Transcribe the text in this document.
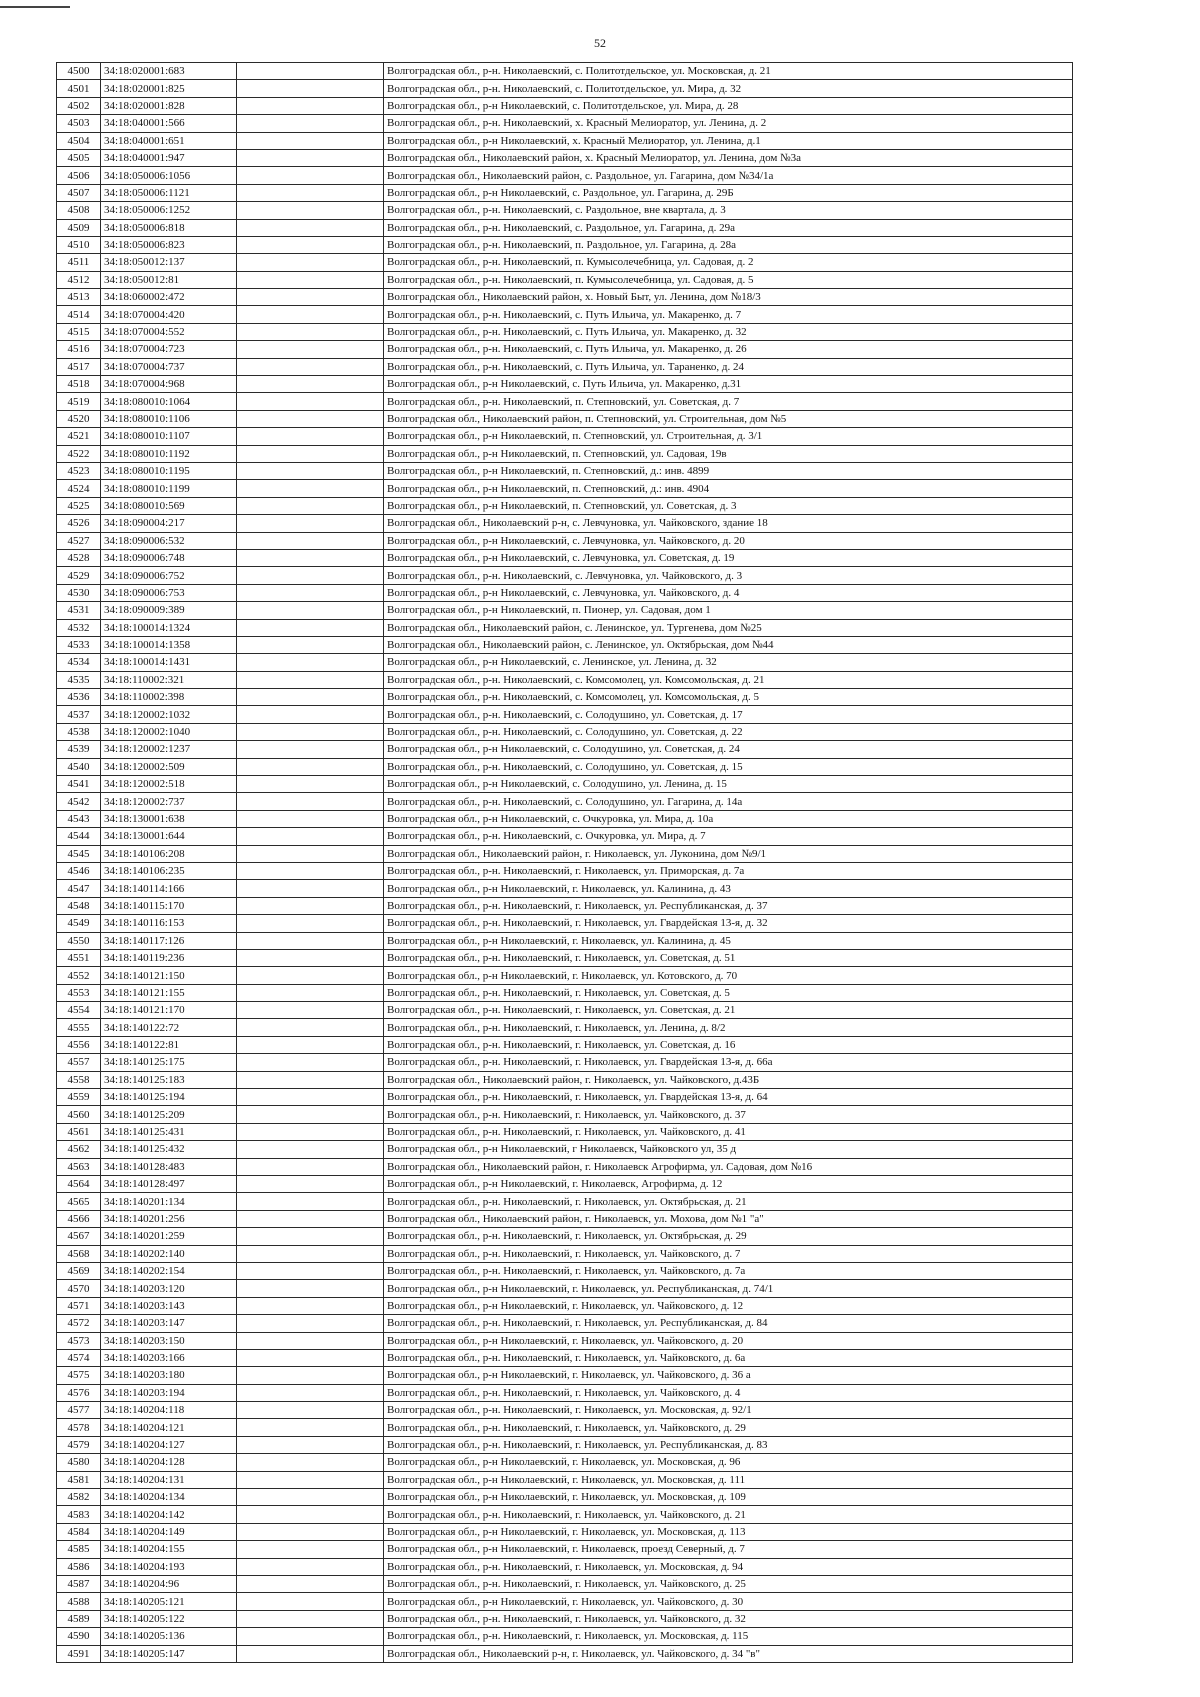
52
4500	34:18:020001:683		Волгоградская обл., р-н. Николаевский, с. Политотдельское, ул. Московская, д. 21
4501	34:18:020001:825		Волгоградская обл., р-н. Николаевский, с. Политотдельское, ул. Мира, д. 32
4502	34:18:020001:828		Волгоградская обл., р-н Николаевский, с. Политотдельское, ул. Мира, д. 28
4503	34:18:040001:566		Волгоградская обл., р-н. Николаевский, х. Красный Мелиоратор, ул. Ленина, д. 2
4504	34:18:040001:651		Волгоградская обл., р-н Николаевский, х. Красный Мелиоратор, ул. Ленина, д.1
4505	34:18:040001:947		Волгоградская обл., Николаевский район, х. Красный Мелиоратор, ул. Ленина, дом №3а
4506	34:18:050006:1056		Волгоградская обл., Николаевский район, с. Раздольное, ул. Гагарина, дом №34/1а
4507	34:18:050006:1121		Волгоградская обл., р-н Николаевский, с. Раздольное, ул. Гагарина, д. 29Б
4508	34:18:050006:1252		Волгоградская обл., р-н. Николаевский, с. Раздольное, вне квартала, д. 3
4509	34:18:050006:818		Волгоградская обл., р-н. Николаевский, с. Раздольное, ул. Гагарина, д. 29а
4510	34:18:050006:823		Волгоградская обл., р-н. Николаевский, п. Раздольное, ул. Гагарина, д. 28а
4511	34:18:050012:137		Волгоградская обл., р-н. Николаевский, п. Кумысолечебница, ул. Садовая, д. 2
4512	34:18:050012:81		Волгоградская обл., р-н. Николаевский, п. Кумысолечебница, ул. Садовая, д. 5
4513	34:18:060002:472		Волгоградская обл., Николаевский район, х. Новый Быт, ул. Ленина, дом №18/3
4514	34:18:070004:420		Волгоградская обл., р-н. Николаевский, с. Путь Ильича, ул. Макаренко, д. 7
4515	34:18:070004:552		Волгоградская обл., р-н. Николаевский, с. Путь Ильича, ул. Макаренко, д. 32
4516	34:18:070004:723		Волгоградская обл., р-н. Николаевский, с. Путь Ильича, ул. Макаренко, д. 26
4517	34:18:070004:737		Волгоградская обл., р-н. Николаевский, с. Путь Ильича, ул. Тараненко, д. 24
4518	34:18:070004:968		Волгоградская обл., р-н Николаевский, с. Путь Ильича, ул. Макаренко, д.31
4519	34:18:080010:1064		Волгоградская обл., р-н. Николаевский, п. Степновский, ул. Советская, д. 7
4520	34:18:080010:1106		Волгоградская обл., Николаевский район, п. Степновский, ул. Строительная, дом №5
4521	34:18:080010:1107		Волгоградская обл., р-н Николаевский, п. Степновский, ул. Строительная, д. 3/1
4522	34:18:080010:1192		Волгоградская обл., р-н Николаевский, п. Степновский, ул. Садовая, 19в
4523	34:18:080010:1195		Волгоградская обл., р-н Николаевский, п. Степновский, д.: инв. 4899
4524	34:18:080010:1199		Волгоградская обл., р-н Николаевский, п. Степновский, д.: инв. 4904
4525	34:18:080010:569		Волгоградская обл., р-н Николаевский, п. Степновский, ул. Советская, д. 3
4526	34:18:090004:217		Волгоградская обл., Николаевский р-н, с. Левчуновка, ул. Чайковского, здание 18
4527	34:18:090006:532		Волгоградская обл., р-н Николаевский, с. Левчуновка, ул. Чайковского, д. 20
4528	34:18:090006:748		Волгоградская обл., р-н Николаевский, с. Левчуновка, ул. Советская, д. 19
4529	34:18:090006:752		Волгоградская обл., р-н. Николаевский, с. Левчуновка, ул. Чайковского, д. 3
4530	34:18:090006:753		Волгоградская обл., р-н Николаевский, с. Левчуновка, ул. Чайковского, д. 4
4531	34:18:090009:389		Волгоградская обл., р-н Николаевский, п. Пионер, ул. Садовая, дом 1
4532	34:18:100014:1324		Волгоградская обл., Николаевский район, с. Ленинское, ул. Тургенева, дом №25
4533	34:18:100014:1358		Волгоградская обл., Николаевский район, с. Ленинское, ул. Октябрьская, дом №44
4534	34:18:100014:1431		Волгоградская обл., р-н Николаевский, с. Ленинское, ул. Ленина, д. 32
4535	34:18:110002:321		Волгоградская обл., р-н. Николаевский, с. Комсомолец, ул. Комсомольская, д. 21
4536	34:18:110002:398		Волгоградская обл., р-н. Николаевский, с. Комсомолец, ул. Комсомольская, д. 5
4537	34:18:120002:1032		Волгоградская обл., р-н. Николаевский, с. Солодушино, ул. Советская, д. 17
4538	34:18:120002:1040		Волгоградская обл., р-н. Николаевский, с. Солодушино, ул. Советская, д. 22
4539	34:18:120002:1237		Волгоградская обл., р-н Николаевский, с. Солодушино, ул. Советская, д. 24
4540	34:18:120002:509		Волгоградская обл., р-н. Николаевский, с. Солодушино, ул. Советская, д. 15
4541	34:18:120002:518		Волгоградская обл., р-н Николаевский, с. Солодушино, ул. Ленина, д. 15
4542	34:18:120002:737		Волгоградская обл., р-н. Николаевский, с. Солодушино, ул. Гагарина, д. 14а
4543	34:18:130001:638		Волгоградская обл., р-н Николаевский, с. Очкуровка, ул. Мира, д. 10а
4544	34:18:130001:644		Волгоградская обл., р-н. Николаевский, с. Очкуровка, ул. Мира, д. 7
4545	34:18:140106:208		Волгоградская обл., Николаевский район, г. Николаевск, ул. Луконина, дом №9/1
4546	34:18:140106:235		Волгоградская обл., р-н. Николаевский, г. Николаевск, ул. Приморская, д. 7а
4547	34:18:140114:166		Волгоградская обл., р-н Николаевский, г. Николаевск, ул. Калинина, д. 43
4548	34:18:140115:170		Волгоградская обл., р-н. Николаевский, г. Николаевск, ул. Республиканская, д. 37
4549	34:18:140116:153		Волгоградская обл., р-н. Николаевский, г. Николаевск, ул. Гвардейская 13-я, д. 32
4550	34:18:140117:126		Волгоградская обл., р-н Николаевский, г. Николаевск, ул. Калинина, д. 45
4551	34:18:140119:236		Волгоградская обл., р-н. Николаевский, г. Николаевск, ул. Советская, д. 51
4552	34:18:140121:150		Волгоградская обл., р-н Николаевский, г. Николаевск, ул. Котовского, д. 70
4553	34:18:140121:155		Волгоградская обл., р-н. Николаевский, г. Николаевск, ул. Советская, д. 5
4554	34:18:140121:170		Волгоградская обл., р-н. Николаевский, г. Николаевск, ул. Советская, д. 21
4555	34:18:140122:72		Волгоградская обл., р-н. Николаевский, г. Николаевск, ул. Ленина, д. 8/2
4556	34:18:140122:81		Волгоградская обл., р-н. Николаевский, г. Николаевск, ул. Советская, д. 16
4557	34:18:140125:175		Волгоградская обл., р-н. Николаевский, г. Николаевск, ул. Гвардейская 13-я, д. 66а
4558	34:18:140125:183		Волгоградская обл., Николаевский район, г. Николаевск, ул. Чайковского, д.43Б
4559	34:18:140125:194		Волгоградская обл., р-н. Николаевский, г. Николаевск, ул. Гвардейская 13-я, д. 64
4560	34:18:140125:209		Волгоградская обл., р-н. Николаевский, г. Николаевск, ул. Чайковского, д. 37
4561	34:18:140125:431		Волгоградская обл., р-н. Николаевский, г. Николаевск, ул. Чайковского, д. 41
4562	34:18:140125:432		Волгоградская обл., р-н Николаевский, г Николаевск, Чайковского ул, 35 д
4563	34:18:140128:483		Волгоградская обл., Николаевский район, г. Николаевск Агрофирма, ул. Садовая, дом №16
4564	34:18:140128:497		Волгоградская обл., р-н Николаевский, г. Николаевск, Агрофирма, д. 12
4565	34:18:140201:134		Волгоградская обл., р-н. Николаевский, г. Николаевск, ул. Октябрьская, д. 21
4566	34:18:140201:256		Волгоградская обл., Николаевский район, г. Николаевск, ул. Мохова, дом №1 "а"
4567	34:18:140201:259		Волгоградская обл., р-н. Николаевский, г. Николаевск, ул. Октябрьская, д. 29
4568	34:18:140202:140		Волгоградская обл., р-н. Николаевский, г. Николаевск, ул. Чайковского, д. 7
4569	34:18:140202:154		Волгоградская обл., р-н. Николаевский, г. Николаевск, ул. Чайковского, д. 7а
4570	34:18:140203:120		Волгоградская обл., р-н Николаевский, г. Николаевск, ул. Республиканская, д. 74/1
4571	34:18:140203:143		Волгоградская обл., р-н Николаевский, г. Николаевск, ул. Чайковского, д. 12
4572	34:18:140203:147		Волгоградская обл., р-н. Николаевский, г. Николаевск, ул. Республиканская, д. 84
4573	34:18:140203:150		Волгоградская обл., р-н Николаевский, г. Николаевск, ул. Чайковского, д. 20
4574	34:18:140203:166		Волгоградская обл., р-н. Николаевский, г. Николаевск, ул. Чайковского, д. 6а
4575	34:18:140203:180		Волгоградская обл., р-н Николаевский, г. Николаевск, ул. Чайковского, д. 36 а
4576	34:18:140203:194		Волгоградская обл., р-н. Николаевский, г. Николаевск, ул. Чайковского, д. 4
4577	34:18:140204:118		Волгоградская обл., р-н. Николаевский, г. Николаевск, ул. Московская, д. 92/1
4578	34:18:140204:121		Волгоградская обл., р-н. Николаевский, г. Николаевск, ул. Чайковского, д. 29
4579	34:18:140204:127		Волгоградская обл., р-н. Николаевский, г. Николаевск, ул. Республиканская, д. 83
4580	34:18:140204:128		Волгоградская обл., р-н Николаевский, г. Николаевск, ул. Московская, д. 96
4581	34:18:140204:131		Волгоградская обл., р-н Николаевский, г. Николаевск, ул. Московская, д. 111
4582	34:18:140204:134		Волгоградская обл., р-н Николаевский, г. Николаевск, ул. Московская, д. 109
4583	34:18:140204:142		Волгоградская обл., р-н. Николаевский, г. Николаевск, ул. Чайковского, д. 21
4584	34:18:140204:149		Волгоградская обл., р-н Николаевский, г. Николаевск, ул. Московская, д. 113
4585	34:18:140204:155		Волгоградская обл., р-н Николаевский, г. Николаевск, проезд Северный, д. 7
4586	34:18:140204:193		Волгоградская обл., р-н. Николаевский, г. Николаевск, ул. Московская, д. 94
4587	34:18:140204:96		Волгоградская обл., р-н. Николаевский, г. Николаевск, ул. Чайковского, д. 25
4588	34:18:140205:121		Волгоградская обл., р-н Николаевский, г. Николаевск, ул. Чайковского, д. 30
4589	34:18:140205:122		Волгоградская обл., р-н. Николаевский, г. Николаевск, ул. Чайковского, д. 32
4590	34:18:140205:136		Волгоградская обл., р-н. Николаевский, г. Николаевск, ул. Московская, д. 115
4591	34:18:140205:147		Волгоградская обл., Николаевский р-н, г. Николаевск, ул. Чайковского, д. 34 "в"
